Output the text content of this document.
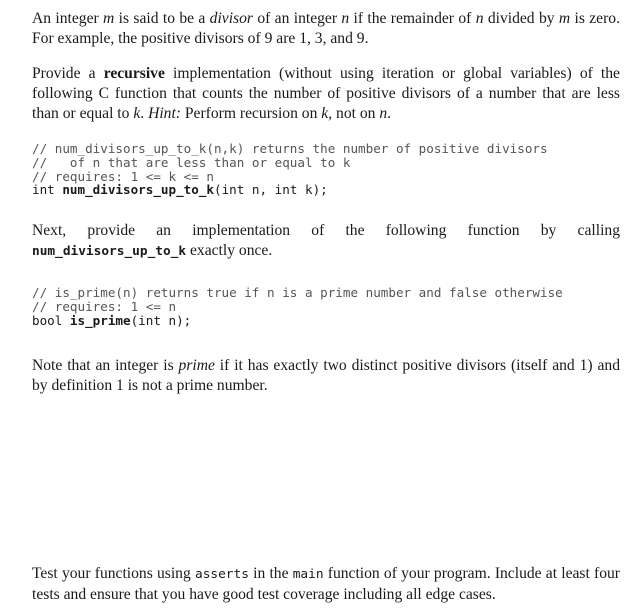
An integer m is said to be a divisor of an integer n if the remainder of n divided by m is zero. For example, the positive divisors of 9 are 1, 3, and 9.

Provide a recursive implementation (without using iteration or global variables) of the following C function that counts the number of positive divisors of a number that are less than or equal to k. Hint: Perform recursion on k, not on n.

// num_divisors_up_to_k(n,k) returns the number of positive divisors
//   of n that are less than or equal to k
// requires: 1 <= k <= n
int num_divisors_up_to_k(int n, int k);

Next, provide an implementation of the following function by calling num_divisors_up_to_k exactly once.

// is_prime(n) returns true if n is a prime number and false otherwise
// requires: 1 <= n
bool is_prime(int n);

Note that an integer is prime if it has exactly two distinct positive divisors (itself and 1) and by definition 1 is not a prime number.

Test your functions using asserts in the main function of your program. Include at least four tests and ensure that you have good test coverage including all edge cases.
